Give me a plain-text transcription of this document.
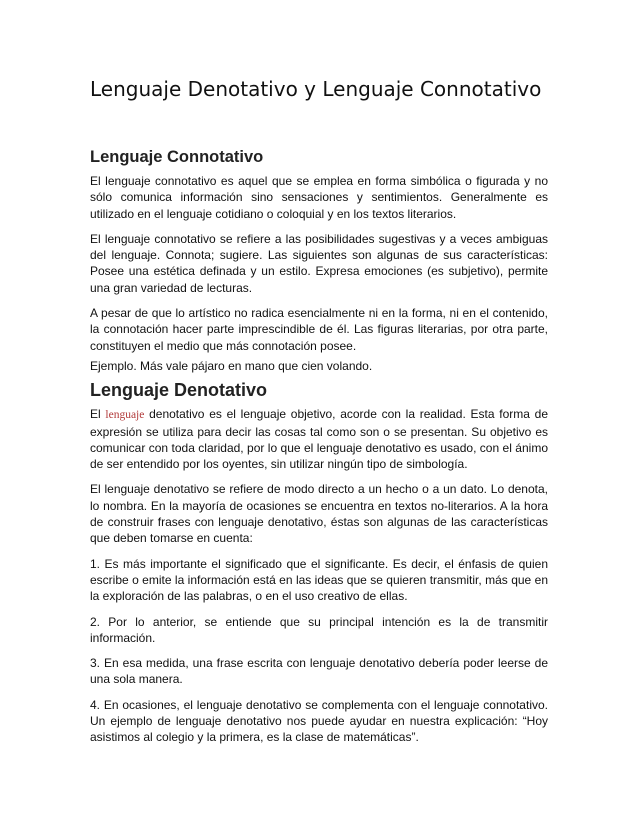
Lenguaje Denotativo y Lenguaje Connotativo
Lenguaje Connotativo

El lenguaje connotativo es aquel que se emplea en forma simbólica o figurada y no sólo comunica información sino sensaciones y sentimientos. Generalmente es utilizado en el lenguaje cotidiano o coloquial y en los textos literarios.

El lenguaje connotativo se refiere a las posibilidades sugestivas y a veces ambiguas del lenguaje. Connota; sugiere. Las siguientes son algunas de sus características: Posee una estética definada y un estilo. Expresa emociones (es subjetivo), permite una gran variedad de lecturas.

A pesar de que lo artístico no radica esencialmente ni en la forma, ni en el contenido, la connotación hacer parte imprescindible de él. Las figuras literarias, por otra parte, constituyen el medio que más connotación posee.

Ejemplo. Más vale pájaro en mano que cien volando.

Lenguaje Denotativo

El lenguaje denotativo es el lenguaje objetivo, acorde con la realidad. Esta forma de expresión se utiliza para decir las cosas tal como son o se presentan. Su objetivo es comunicar con toda claridad, por lo que el lenguaje denotativo es usado, con el ánimo de ser entendido por los oyentes, sin utilizar ningún tipo de simbología.

El lenguaje denotativo se refiere de modo directo a un hecho o a un dato. Lo denota, lo nombra. En la mayoría de ocasiones se encuentra en textos no-literarios. A la hora de construir frases con lenguaje denotativo, éstas son algunas de las características que deben tomarse en cuenta:

1. Es más importante el significado que el significante. Es decir, el énfasis de quien escribe o emite la información está en las ideas que se quieren transmitir, más que en la exploración de las palabras, o en el uso creativo de ellas.

2. Por lo anterior, se entiende que su principal intención es la de transmitir información.

3. En esa medida, una frase escrita con lenguaje denotativo debería poder leerse de una sola manera.

4. En ocasiones, el lenguaje denotativo se complementa con el lenguaje connotativo. Un ejemplo de lenguaje denotativo nos puede ayudar en nuestra explicación: “Hoy asistimos al colegio y la primera, es la clase de matemáticas”.
